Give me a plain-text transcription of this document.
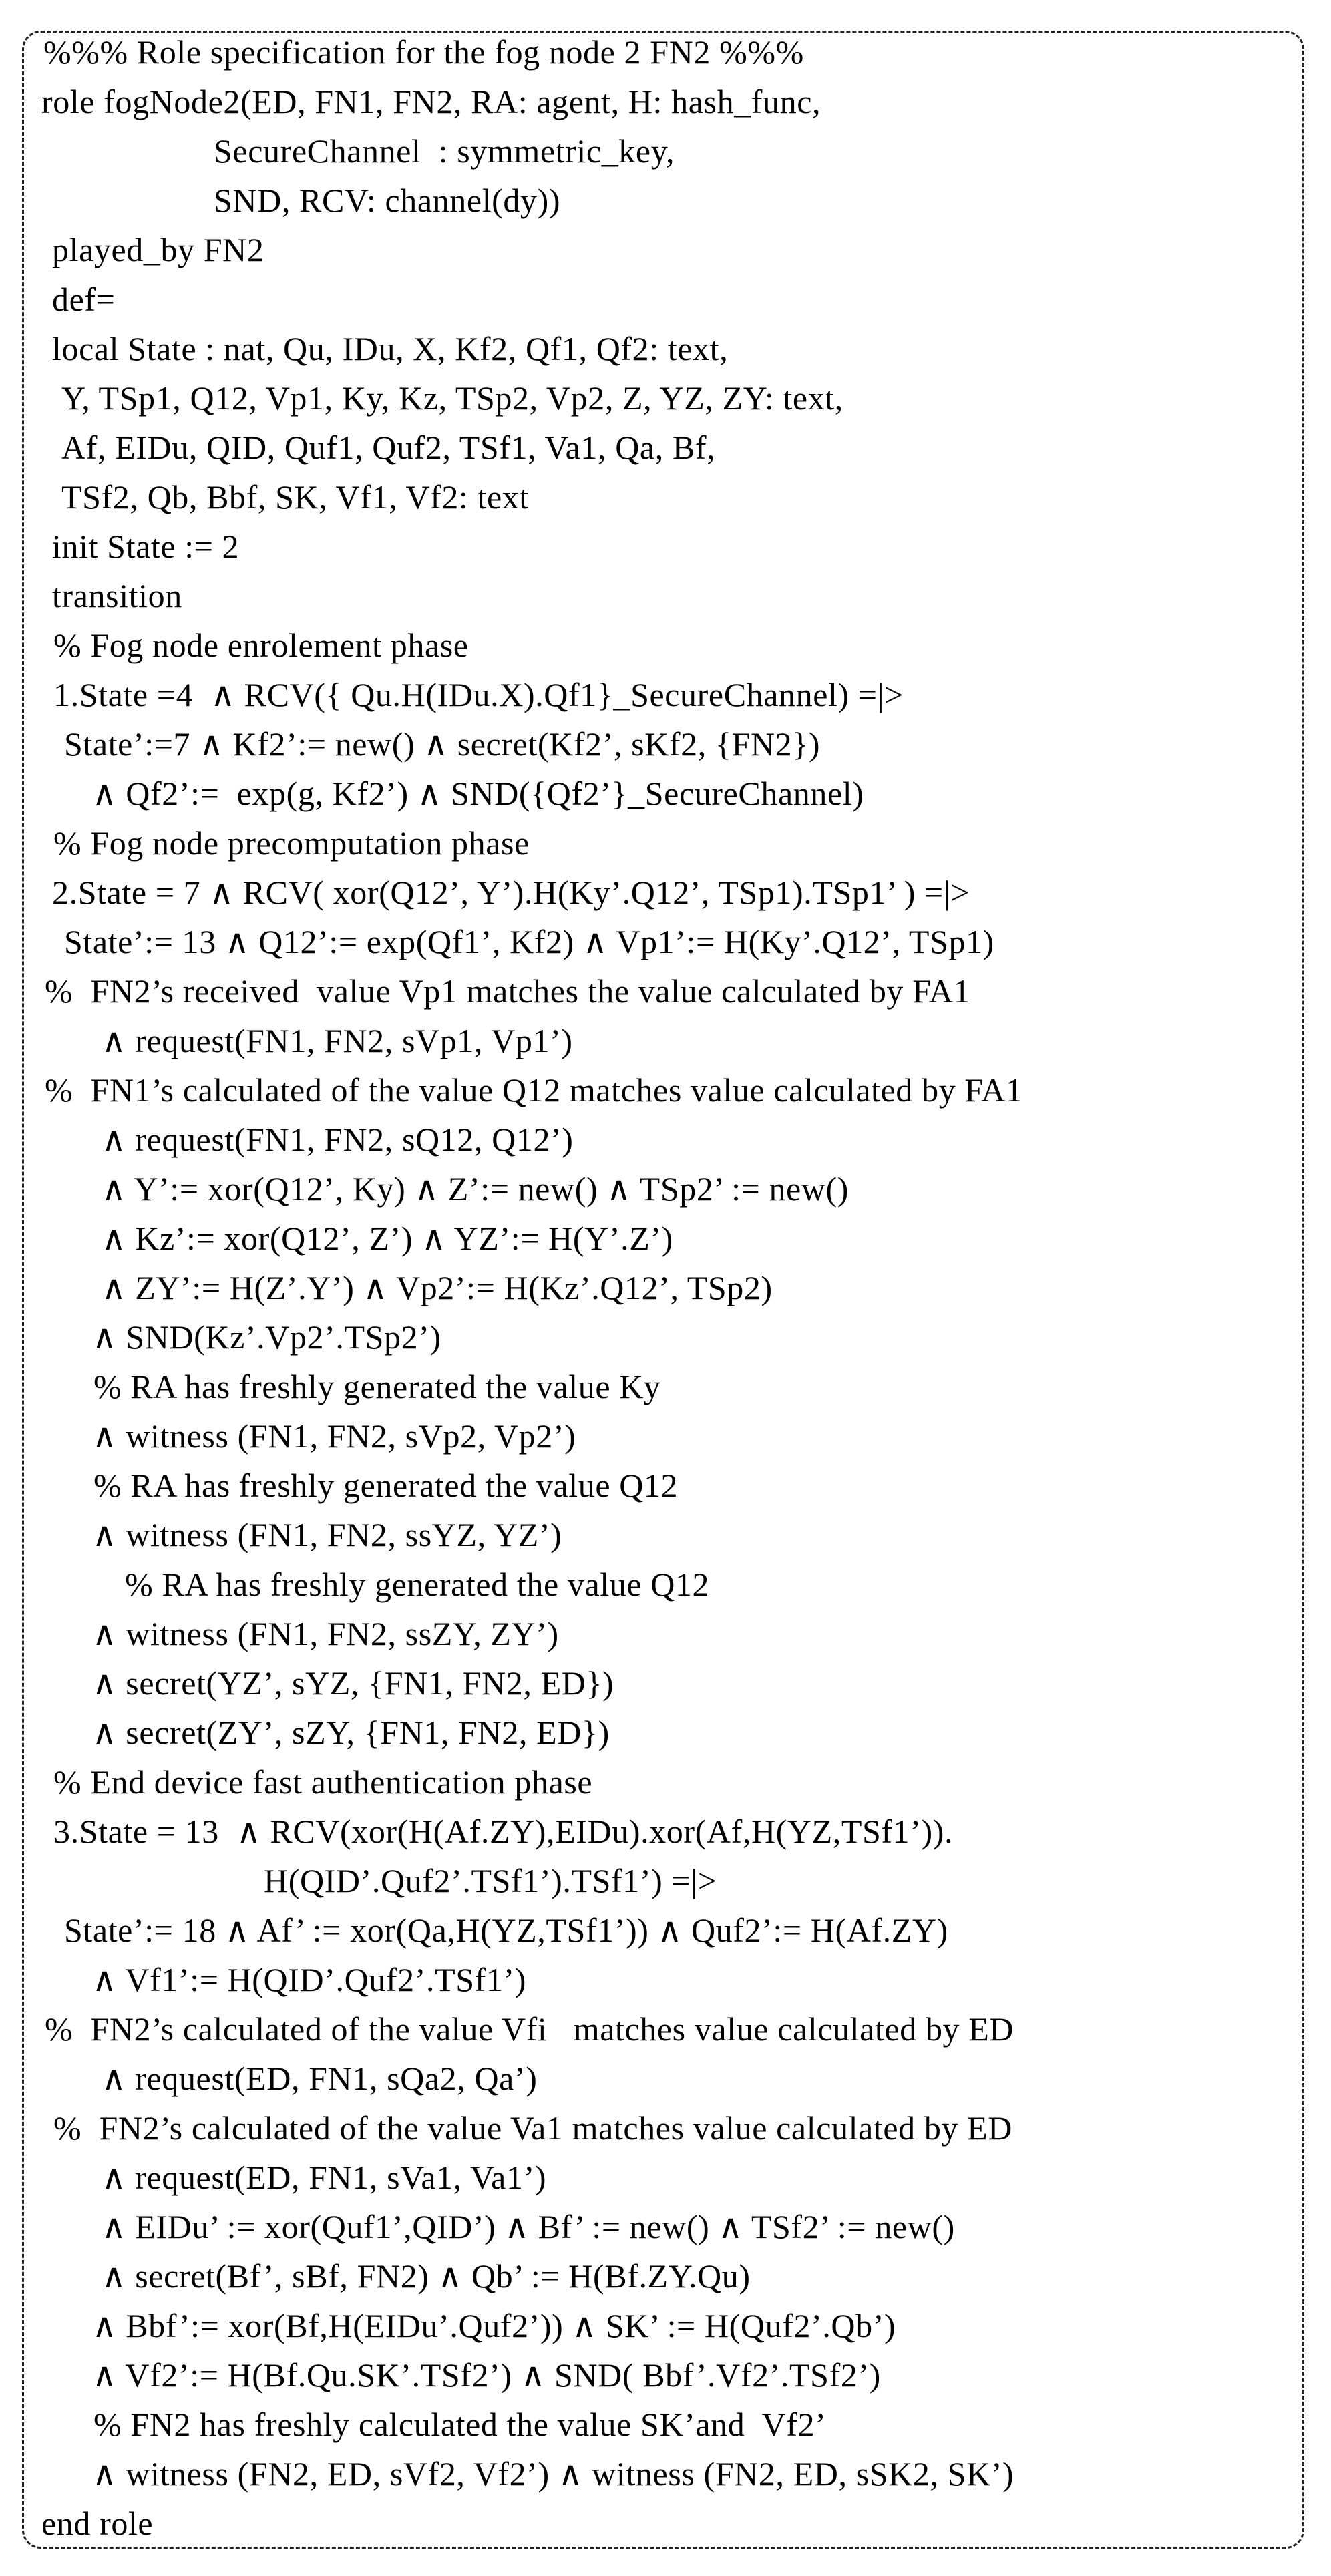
%%% Role specification for the fog node 2 FN2 %%%
role fogNode2(ED, FN1, FN2, RA: agent, H: hash_func,
SecureChannel  : symmetric_key,
SND, RCV: channel(dy))
played_by FN2
def=
local State : nat, Qu, IDu, X, Kf2, Qf1, Qf2: text,
Y, TSp1, Q12, Vp1, Ky, Kz, TSp2, Vp2, Z, YZ, ZY: text,
Af, EIDu, QID, Quf1, Quf2, TSf1, Va1, Qa, Bf,
TSf2, Qb, Bbf, SK, Vf1, Vf2: text
init State := 2
transition
% Fog node enrolement phase
1.State =4  ∧ RCV({ Qu.H(IDu.X).Qf1}_SecureChannel) =|>
State’:=7 ∧ Kf2’:= new() ∧ secret(Kf2’, sKf2, {FN2})
∧ Qf2’:=  exp(g, Kf2’) ∧ SND({Qf2’}_SecureChannel)
% Fog node precomputation phase
2.State = 7 ∧ RCV( xor(Q12’, Y’).H(Ky’.Q12’, TSp1).TSp1’ ) =|>
State’:= 13 ∧ Q12’:= exp(Qf1’, Kf2) ∧ Vp1’:= H(Ky’.Q12’, TSp1)
%  FN2’s received  value Vp1 matches the value calculated by FA1
∧ request(FN1, FN2, sVp1, Vp1’)
%  FN1’s calculated of the value Q12 matches value calculated by FA1
∧ request(FN1, FN2, sQ12, Q12’)
∧ Y’:= xor(Q12’, Ky) ∧ Z’:= new() ∧ TSp2’ := new()
∧ Kz’:= xor(Q12’, Z’) ∧ YZ’:= H(Y’.Z’)
∧ ZY’:= H(Z’.Y’) ∧ Vp2’:= H(Kz’.Q12’, TSp2)
∧ SND(Kz’.Vp2’.TSp2’)
% RA has freshly generated the value Ky
∧ witness (FN1, FN2, sVp2, Vp2’)
% RA has freshly generated the value Q12
∧ witness (FN1, FN2, ssYZ, YZ’)
% RA has freshly generated the value Q12
∧ witness (FN1, FN2, ssZY, ZY’)
∧ secret(YZ’, sYZ, {FN1, FN2, ED})
∧ secret(ZY’, sZY, {FN1, FN2, ED})
% End device fast authentication phase
3.State = 13  ∧ RCV(xor(H(Af.ZY),EIDu).xor(Af,H(YZ,TSf1’)).
H(QID’.Quf2’.TSf1’).TSf1’) =|>
State’:= 18 ∧ Af’ := xor(Qa,H(YZ,TSf1’)) ∧ Quf2’:= H(Af.ZY)
∧ Vf1’:= H(QID’.Quf2’.TSf1’)
%  FN2’s calculated of the value Vfi   matches value calculated by ED
∧ request(ED, FN1, sQa2, Qa’)
%  FN2’s calculated of the value Va1 matches value calculated by ED
∧ request(ED, FN1, sVa1, Va1’)
∧ EIDu’ := xor(Quf1’,QID’) ∧ Bf’ := new() ∧ TSf2’ := new()
∧ secret(Bf’, sBf, FN2) ∧ Qb’ := H(Bf.ZY.Qu)
∧ Bbf’:= xor(Bf,H(EIDu’.Quf2’)) ∧ SK’ := H(Quf2’.Qb’)
∧ Vf2’:= H(Bf.Qu.SK’.TSf2’) ∧ SND( Bbf’.Vf2’.TSf2’)
% FN2 has freshly calculated the value SK’and  Vf2’
∧ witness (FN2, ED, sVf2, Vf2’) ∧ witness (FN2, ED, sSK2, SK’)
end role
